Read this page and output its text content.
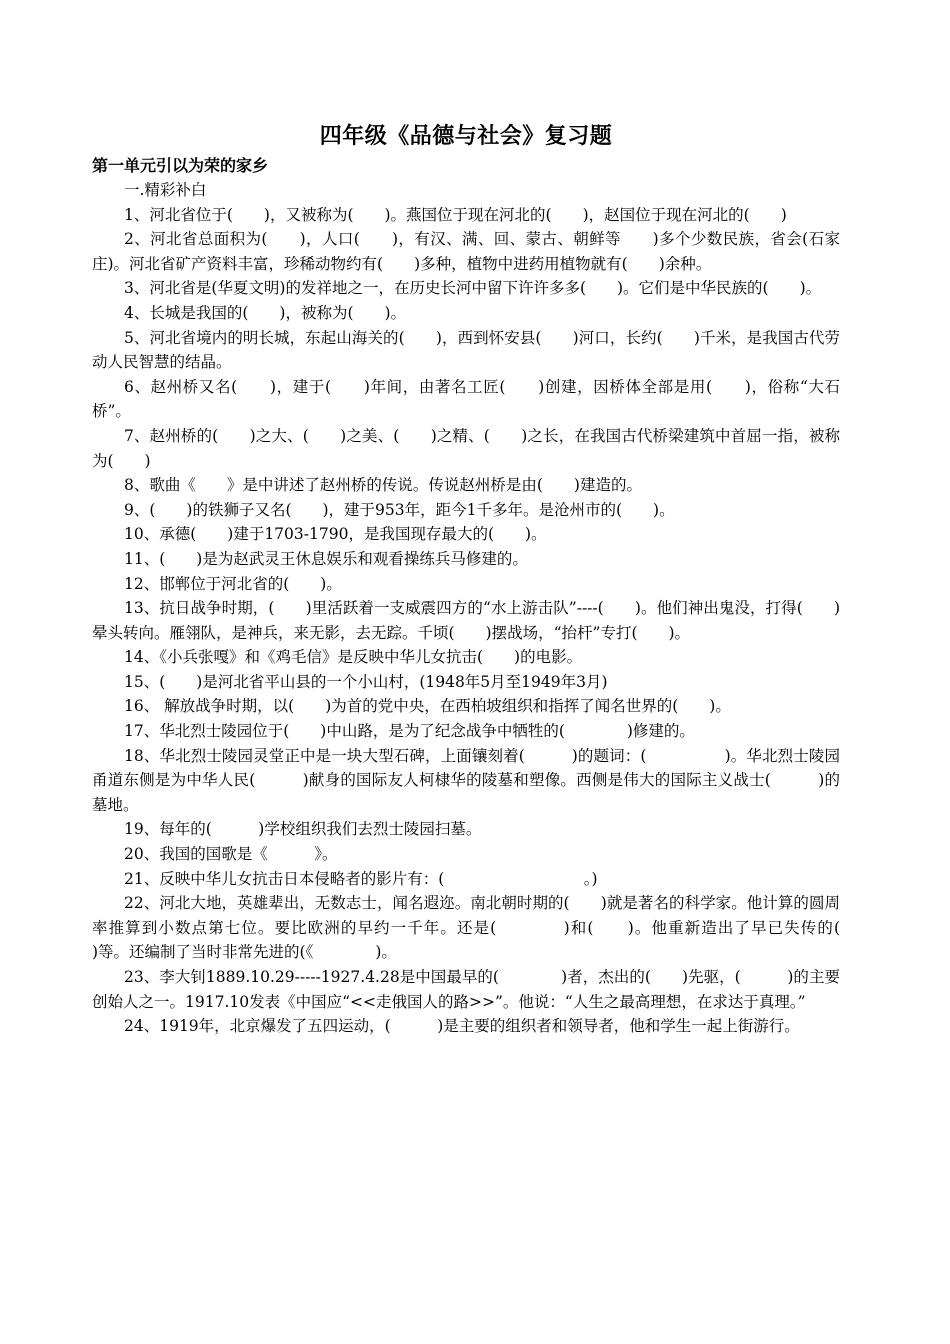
四年级《品德与社会》复习题
第一单元引以为荣的家乡
一.精彩补白

1、河北省位于(　　)，又被称为(　　)。燕国位于现在河北的(　　)，赵国位于现在河北的(　　)

2、河北省总面积为(　　)，人口(　　)，有汉、满、回、蒙古、朝鲜等　　)多个少数民族，省会(石家庄)。河北省矿产资料丰富，珍稀动物约有(　　)多种，植物中进药用植物就有(　　)余种。

3、河北省是(华夏文明)的发祥地之一，在历史长河中留下许许多多(　　)。它们是中华民族的(　　)。

4、长城是我国的(　　)，被称为(　　)。

5、河北省境内的明长城，东起山海关的(　　)，西到怀安县(　　)河口，长约(　　)千米，是我国古代劳动人民智慧的结晶。

6、赵州桥又名(　　)，建于(　　)年间，由著名工匠(　　)创建，因桥体全部是用(　　)，俗称“大石桥”。

7、赵州桥的(　　)之大、(　　)之美、(　　)之精、(　　)之长，在我国古代桥梁建筑中首屈一指，被称为(　　)

8、歌曲《　　》是中讲述了赵州桥的传说。传说赵州桥是由(　　)建造的。

9、(　　)的铁狮子又名(　　)，建于953年，距今1千多年。是沧州市的(　　)。

10、承德(　　)建于1703-1790，是我国现存最大的(　　)。

11、(　　)是为赵武灵王休息娱乐和观看操练兵马修建的。

12、邯郸位于河北省的(　　)。

13、抗日战争时期，(　　)里活跃着一支威震四方的“水上游击队”----(　　)。他们神出鬼没，打得(　　)晕头转向。雁翎队，是神兵，来无影，去无踪。千顷(　　)摆战场，“抬杆”专打(　　)。

14、《小兵张嘎》和《鸡毛信》是反映中华儿女抗击(　　)的电影。

15、(　　)是河北省平山县的一个小山村，(1948年5月至1949年3月)

16、 解放战争时期，以(　　)为首的党中央，在西柏坡组织和指挥了闻名世界的(　　)。

17、华北烈士陵园位于(　　)中山路，是为了纪念战争中牺牲的(　　　　)修建的。

18、华北烈士陵园灵堂正中是一块大型石碑，上面镶刻着(　　　)的题词：(　　　　　)。华北烈士陵园甬道东侧是为中华人民(　　　)献身的国际友人柯棣华的陵墓和塑像。西侧是伟大的国际主义战士(　　　)的墓地。

19、每年的(　　　)学校组织我们去烈士陵园扫墓。

20、我国的国歌是《　　　》。

21、反映中华儿女抗击日本侵略者的影片有：(　　　　　　　　　。)

22、河北大地，英雄辈出，无数志士，闻名遐迩。南北朝时期的(　　)就是著名的科学家。他计算的圆周率推算到小数点第七位。要比欧洲的早约一千年。还是(　　　　)和(　　)。他重新造出了早已失传的(　　　　)等。还编制了当时非常先进的(《　　　　)。

23、李大钊1889.10.29-----1927.4.28是中国最早的(　　　　)者，杰出的(　　)先驱，(　　　)的主要创始人之一。1917.10发表《中国应“<<走俄国人的路>>”。他说：“人生之最高理想，在求达于真理。”

24、1919年，北京爆发了五四运动，(　　　)是主要的组织者和领导者，他和学生一起上街游行。
